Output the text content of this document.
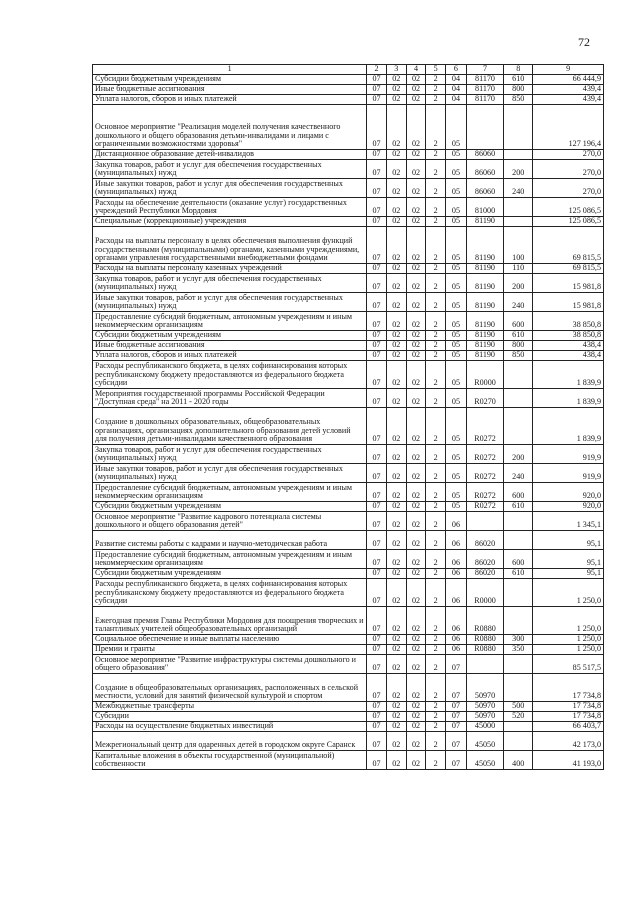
72
1	2	3	4	5	6	7	8	9
Субсидии бюджетным учреждениям	07	02	02	2	04	81170	610	66 444,9
Иные бюджетные ассигнования	07	02	02	2	04	81170	800	439,4
Уплата налогов, сборов и иных платежей	07	02	02	2	04	81170	850	439,4
Основное мероприятие "Реализация моделей получения качественного дошкольного и общего образования детьми-инвалидами и лицами с ограниченными возможностями здоровья"	07	02	02	2	05			127 196,4
Дистанционное образование детей-инвалидов	07	02	02	2	05	86060		270,0
Закупка товаров, работ и услуг для обеспечения государственных (муниципальных) нужд	07	02	02	2	05	86060	200	270,0
Иные закупки товаров, работ и услуг для обеспечения государственных (муниципальных) нужд	07	02	02	2	05	86060	240	270,0
Расходы на обеспечение деятельности (оказание услуг) государственных учреждений Республики Мордовия	07	02	02	2	05	81000		125 086,5
Специальные (коррекционные) учреждения	07	02	02	2	05	81190		125 086,5
Расходы на выплаты персоналу в целях обеспечения выполнения функций государственными (муниципальными) органами, казенными учреждениями, органами управления государственными внебюджетными фондами	07	02	02	2	05	81190	100	69 815,5
Расходы на выплаты персоналу казенных учреждений	07	02	02	2	05	81190	110	69 815,5
Закупка товаров, работ и услуг для обеспечения государственных (муниципальных) нужд	07	02	02	2	05	81190	200	15 981,8
Иные закупки товаров, работ и услуг для обеспечения государственных (муниципальных) нужд	07	02	02	2	05	81190	240	15 981,8
Предоставление субсидий бюджетным, автономным учреждениям и иным некоммерческим организациям	07	02	02	2	05	81190	600	38 850,8
Субсидии бюджетным учреждениям	07	02	02	2	05	81190	610	38 850,8
Иные бюджетные ассигнования	07	02	02	2	05	81190	800	438,4
Уплата налогов, сборов и иных платежей	07	02	02	2	05	81190	850	438,4
Расходы республиканского бюджета, в целях софинансирования которых республиканскому бюджету предоставляются из федерального бюджета субсидии	07	02	02	2	05	R0000		1 839,9
Мероприятия государственной программы Российской Федерации "Доступная среда" на 2011 - 2020 годы	07	02	02	2	05	R0270		1 839,9
Создание в дошкольных образовательных, общеобразовательных организациях, организациях дополнительного образования детей условий для получения детьми-инвалидами качественного образования	07	02	02	2	05	R0272		1 839,9
Закупка товаров, работ и услуг для обеспечения государственных (муниципальных) нужд	07	02	02	2	05	R0272	200	919,9
Иные закупки товаров, работ и услуг для обеспечения государственных (муниципальных) нужд	07	02	02	2	05	R0272	240	919,9
Предоставление субсидий бюджетным, автономным учреждениям и иным некоммерческим организациям	07	02	02	2	05	R0272	600	920,0
Субсидии бюджетным учреждениям	07	02	02	2	05	R0272	610	920,0
Основное мероприятие "Развитие кадрового потенциала системы дошкольного и общего образования детей"	07	02	02	2	06			1 345,1
Развитие системы работы с кадрами и научно-методическая работа	07	02	02	2	06	86020		95,1
Предоставление субсидий бюджетным, автономным учреждениям и иным некоммерческим организациям	07	02	02	2	06	86020	600	95,1
Субсидии бюджетным учреждениям	07	02	02	2	06	86020	610	95,1
Расходы республиканского бюджета, в целях софинансирования которых республиканскому бюджету предоставляются из федерального бюджета субсидии	07	02	02	2	06	R0000		1 250,0
Ежегодная премия Главы Республики Мордовия для поощрения творческих и талантливых учителей общеобразовательных организаций	07	02	02	2	06	R0880		1 250,0
Социальное обеспечение и иные выплаты населению	07	02	02	2	06	R0880	300	1 250,0
Премии и гранты	07	02	02	2	06	R0880	350	1 250,0
Основное мероприятие "Развитие инфраструктуры системы дошкольного и общего образования"	07	02	02	2	07			85 517,5
Создание в общеобразовательных организациях, расположенных в сельской местности, условий для занятий физической культурой и спортом	07	02	02	2	07	50970		17 734,8
Межбюджетные трансферты	07	02	02	2	07	50970	500	17 734,8
Субсидии	07	02	02	2	07	50970	520	17 734,8
Расходы на осуществление бюджетных инвестиций	07	02	02	2	07	45000		66 403,7
Межрегиональный центр для одаренных детей в городском округе Саранск	07	02	02	2	07	45050		42 173,0
Капитальные вложения в объекты государственной (муниципальной) собственности	07	02	02	2	07	45050	400	41 193,0
